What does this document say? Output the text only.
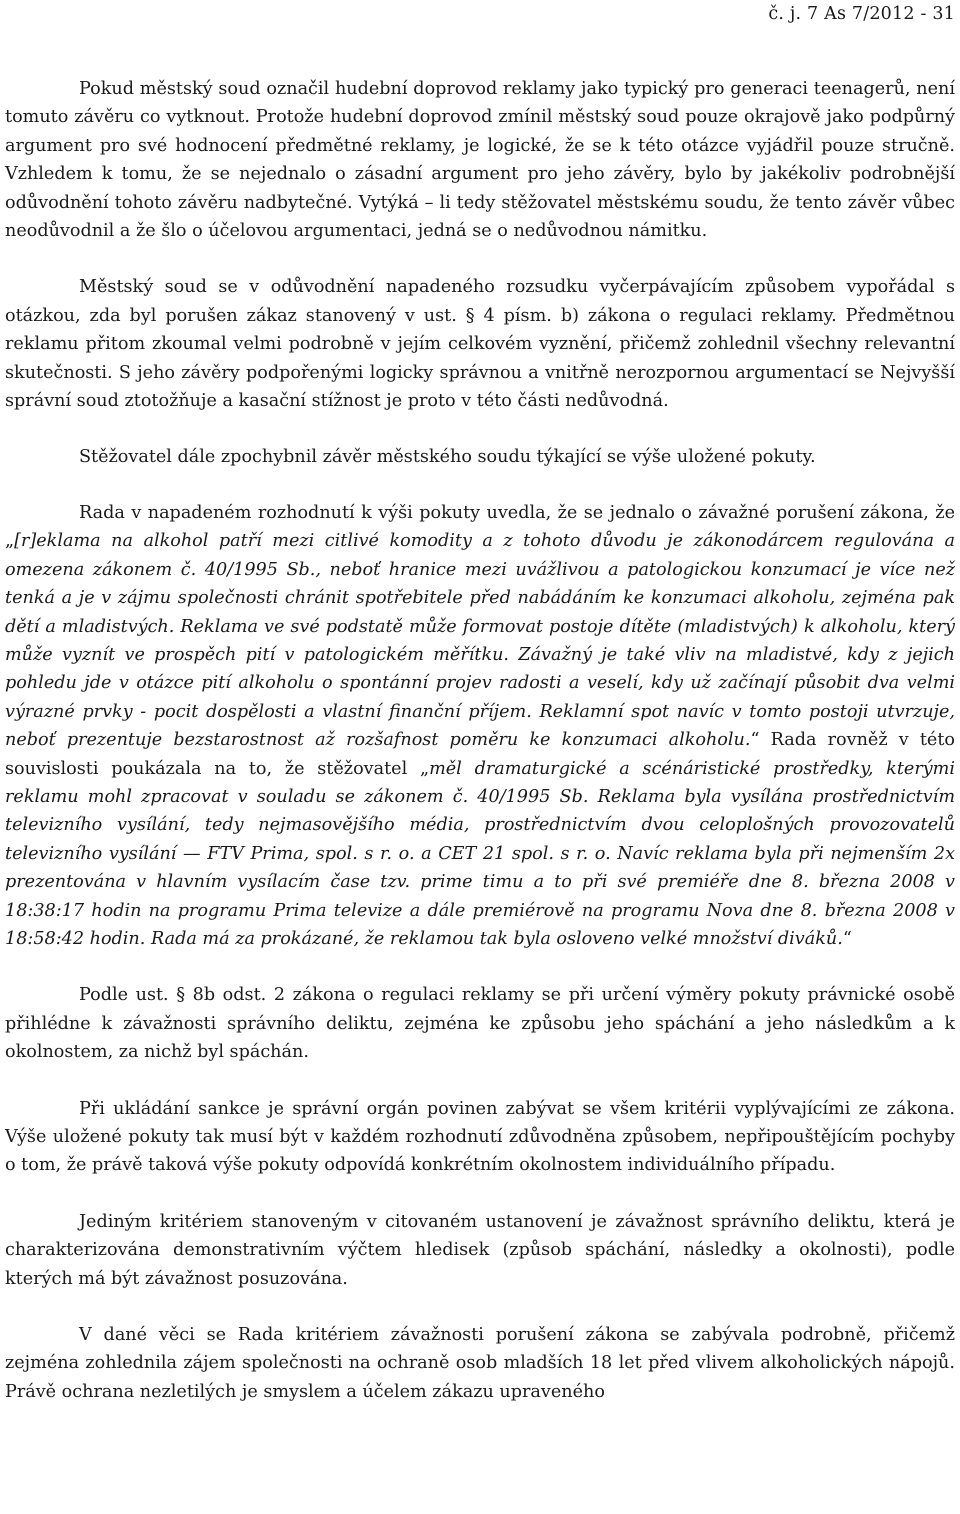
č. j. 7 As 7/2012 - 31

Pokud městský soud označil hudební doprovod reklamy jako typický pro generaci teenagerů, není tomuto závěru co vytknout. Protože hudební doprovod zmínil městský soud pouze okrajově jako podpůrný argument pro své hodnocení předmětné reklamy, je logické, že se k této otázce vyjádřil pouze stručně. Vzhledem k tomu, že se nejednalo o zásadní argument pro jeho závěry, bylo by jakékoliv podrobnější odůvodnění tohoto závěru nadbytečné. Vytýká – li tedy stěžovatel městskému soudu, že tento závěr vůbec neodůvodnil a že šlo o účelovou argumentaci, jedná se o nedůvodnou námitku.

Městský soud se v odůvodnění napadeného rozsudku vyčerpávajícím způsobem vypořádal s otázkou, zda byl porušen zákaz stanovený v ust. § 4 písm. b) zákona o regulaci reklamy. Předmětnou reklamu přitom zkoumal velmi podrobně v jejím celkovém vyznění, přičemž zohlednil všechny relevantní skutečnosti. S jeho závěry podpořenými logicky správnou a vnitřně nerozpornou argumentací se Nejvyšší správní soud ztotožňuje a kasační stížnost je proto v této části nedůvodná.

Stěžovatel dále zpochybnil závěr městského soudu týkající se výše uložené pokuty.

Rada v napadeném rozhodnutí k výši pokuty uvedla, že se jednalo o závažné porušení zákona, že „[r]eklama na alkohol patří mezi citlivé komodity a z tohoto důvodu je zákonodárcem regulována a omezena zákonem č. 40/1995 Sb., neboť hranice mezi uvážlivou a patologickou konzumací je více než tenká a je v zájmu společnosti chránit spotřebitele před nabádáním ke konzumaci alkoholu, zejména pak dětí a mladistvých. Reklama ve své podstatě může formovat postoje dítěte (mladistvých) k alkoholu, který může vyznít ve prospěch pití v patologickém měřítku. Závažný je také vliv na mladistvé, kdy z jejich pohledu jde v otázce pití alkoholu o spontánní projev radosti a veselí, kdy už začínají působit dva velmi výrazné prvky - pocit dospělosti a vlastní finanční příjem. Reklamní spot navíc v tomto postoji utvrzuje, neboť prezentuje bezstarostnost až rozšafnost poměru ke konzumaci alkoholu.“ Rada rovněž v této souvislosti poukázala na to, že stěžovatel „měl dramaturgické a scénáristické prostředky, kterými reklamu mohl zpracovat v souladu se zákonem č. 40/1995 Sb. Reklama byla vysílána prostřednictvím televizního vysílání, tedy nejmasovějšího média, prostřednictvím dvou celoplošných provozovatelů televizního vysílání — FTV Prima, spol. s r. o. a CET 21 spol. s r. o. Navíc reklama byla při nejmenším 2x prezentována v hlavním vysílacím čase tzv. prime timu a to při své premiéře dne 8. března 2008 v 18:38:17 hodin na programu Prima televize a dále premiérově na programu Nova dne 8. března 2008 v 18:58:42 hodin. Rada má za prokázané, že reklamou tak byla osloveno velké množství diváků.“

Podle ust. § 8b odst. 2 zákona o regulaci reklamy se při určení výměry pokuty právnické osobě přihlédne k závažnosti správního deliktu, zejména ke způsobu jeho spáchání a jeho následkům a k okolnostem, za nichž byl spáchán.

Při ukládání sankce je správní orgán povinen zabývat se všem kritérii vyplývajícími ze zákona. Výše uložené pokuty tak musí být v každém rozhodnutí zdůvodněna způsobem, nepřipouštějícím pochyby o tom, že právě taková výše pokuty odpovídá konkrétním okolnostem individuálního případu.

Jediným kritériem stanoveným v citovaném ustanovení je závažnost správního deliktu, která je charakterizována demonstrativním výčtem hledisek (způsob spáchání, následky a okolnosti), podle kterých má být závažnost posuzována.

V dané věci se Rada kritériem závažnosti porušení zákona se zabývala podrobně, přičemž zejména zohlednila zájem společnosti na ochraně osob mladších 18 let před vlivem alkoholických nápojů. Právě ochrana nezletilých je smyslem a účelem zákazu upraveného
